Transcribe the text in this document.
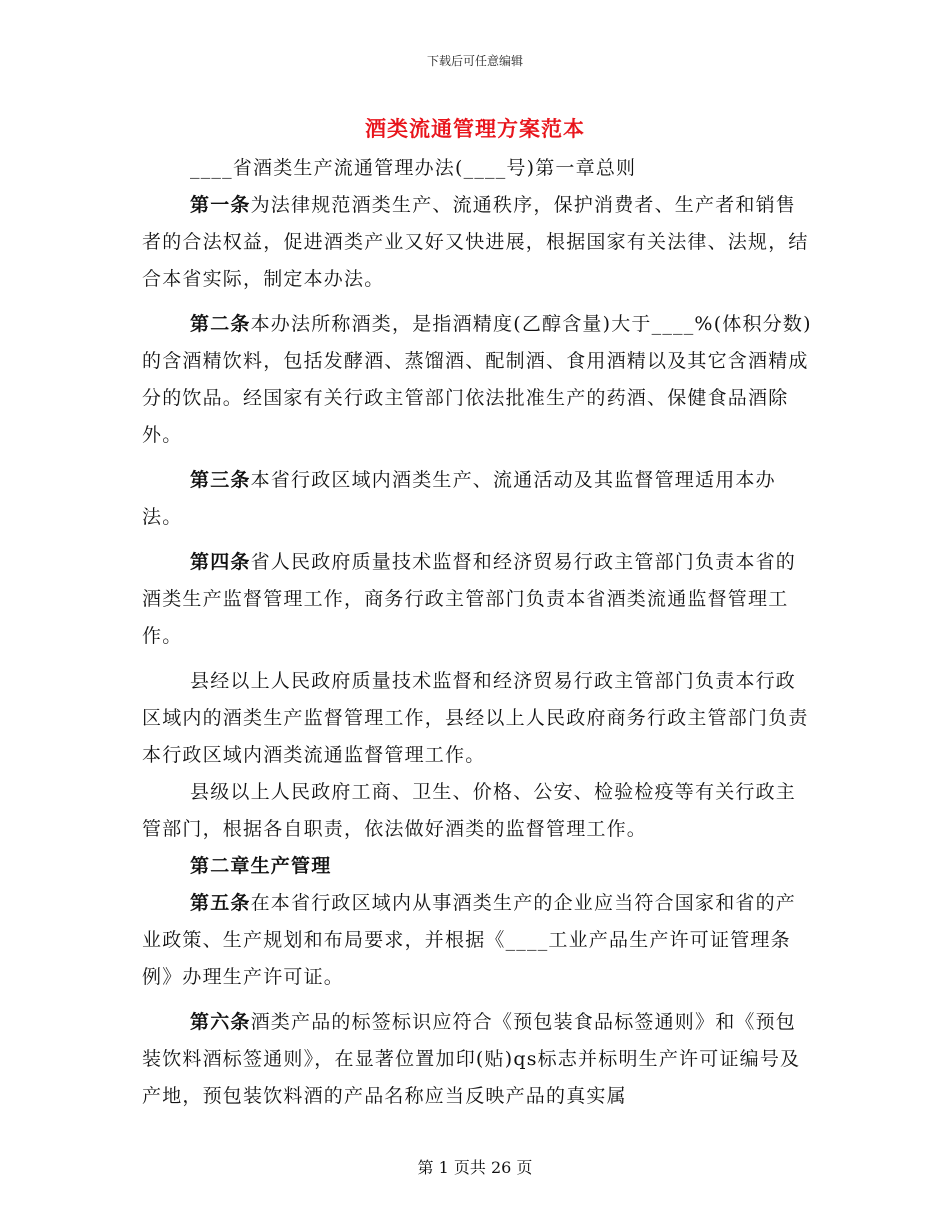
下载后可任意编辑
酒类流通管理方案范本

____省酒类生产流通管理办法(____号)第一章总则

第一条为法律规范酒类生产、流通秩序，保护消费者、生产者和销售者的合法权益，促进酒类产业又好又快进展，根据国家有关法律、法规，结合本省实际，制定本办法。

第二条本办法所称酒类，是指酒精度(乙醇含量)大于____%(体积分数)的含酒精饮料，包括发酵酒、蒸馏酒、配制酒、食用酒精以及其它含酒精成分的饮品。经国家有关行政主管部门依法批准生产的药酒、保健食品酒除外。

第三条本省行政区域内酒类生产、流通活动及其监督管理适用本办法。

第四条省人民政府质量技术监督和经济贸易行政主管部门负责本省的酒类生产监督管理工作，商务行政主管部门负责本省酒类流通监督管理工作。

县经以上人民政府质量技术监督和经济贸易行政主管部门负责本行政区域内的酒类生产监督管理工作，县经以上人民政府商务行政主管部门负责本行政区域内酒类流通监督管理工作。

县级以上人民政府工商、卫生、价格、公安、检验检疫等有关行政主管部门，根据各自职责，依法做好酒类的监督管理工作。

第二章生产管理

第五条在本省行政区域内从事酒类生产的企业应当符合国家和省的产业政策、生产规划和布局要求，并根据《____工业产品生产许可证管理条例》办理生产许可证。

第六条酒类产品的标签标识应符合《预包装食品标签通则》和《预包装饮料酒标签通则》，在显著位置加印(贴)qs标志并标明生产许可证编号及产地，预包装饮料酒的产品名称应当反映产品的真实属

第 1 页共 26 页
